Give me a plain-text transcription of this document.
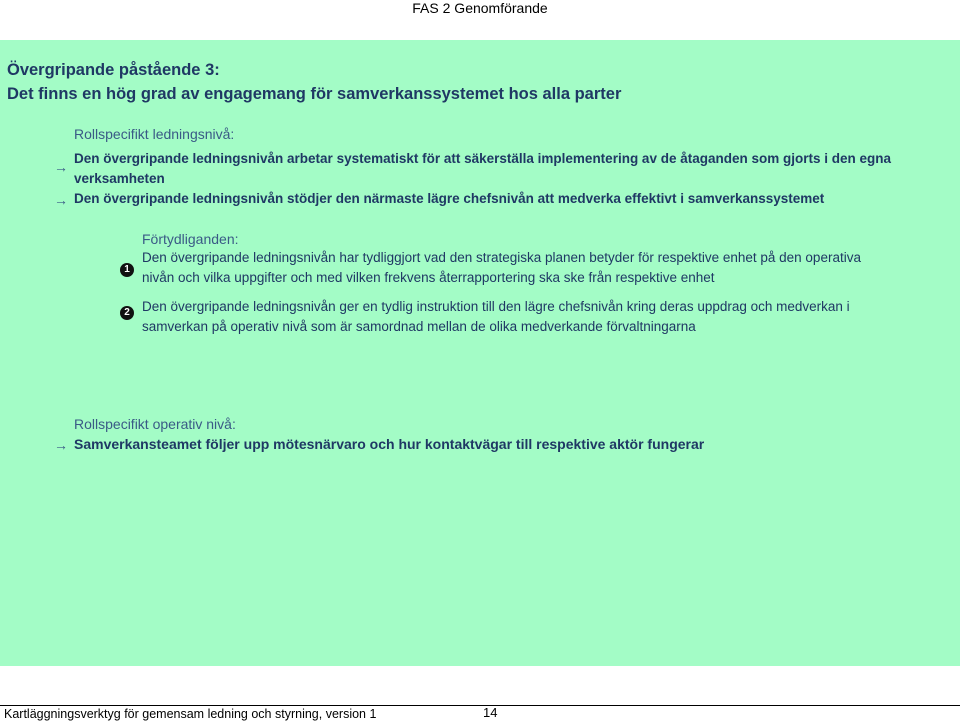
FAS 2 Genomförande
Övergripande påstående 3:
Det finns en hög grad av engagemang för samverkanssystemet hos alla parter
Rollspecifikt ledningsnivå:
→
Den övergripande ledningsnivån arbetar systematiskt för att säkerställa implementering av de åtaganden som gjorts i den egna
verksamheten
→ Den övergripande ledningsnivån stödjer den närmaste lägre chefsnivån att medverka effektivt i samverkanssystemet
Förtydliganden:
1
Den övergripande ledningsnivån har tydliggjort vad den strategiska planen betyder för respektive enhet på den operativa
nivån och vilka uppgifter och med vilken frekvens återrapportering ska ske från respektive enhet
2 Den övergripande ledningsnivån ger en tydlig instruktion till den lägre chefsnivån kring deras uppdrag och medverkan i
samverkan på operativ nivå som är samordnad mellan de olika medverkande förvaltningarna
Rollspecifikt operativ nivå:
→ Samverkansteamet följer upp mötesnärvaro och hur kontaktvägar till respektive aktör fungerar
Kartläggningsverktyg för gemensam ledning och styrning, version 1	14
